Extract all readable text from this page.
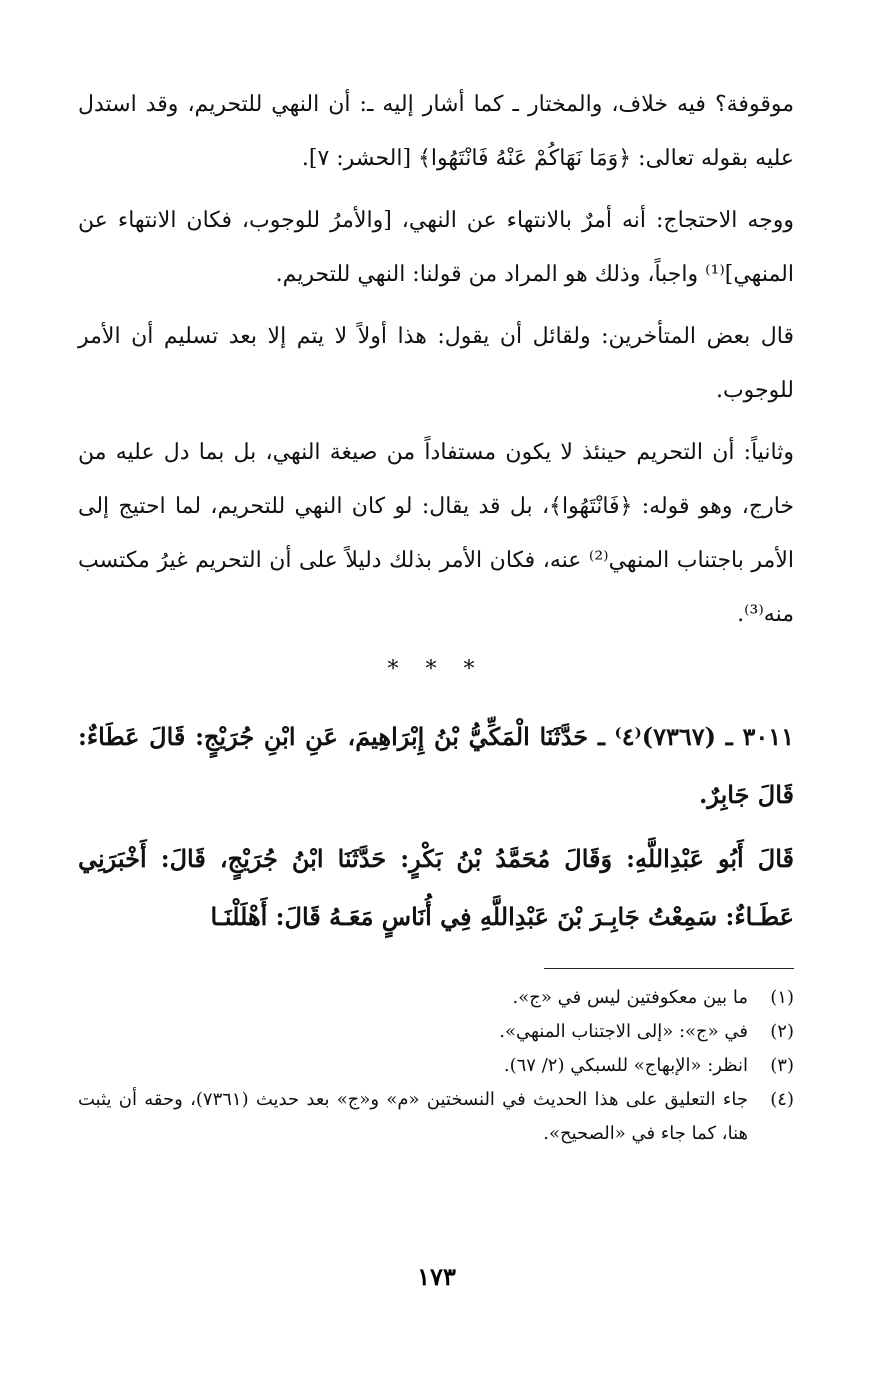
موقوفة؟ فيه خلاف، والمختار ـ كما أشار إليه ـ: أن النهي للتحريم، وقد استدل عليه بقوله تعالى: ﴿وَمَا نَهَاكُمْ عَنْهُ فَانْتَهُوا﴾ [الحشر: ٧].

ووجه الاحتجاج: أنه أمرٌ بالانتهاء عن النهي، [والأمرُ للوجوب، فكان الانتهاء عن المنهي]⁽¹⁾ واجباً، وذلك هو المراد من قولنا: النهي للتحريم.

قال بعض المتأخرين: ولقائل أن يقول: هذا أولاً لا يتم إلا بعد تسليم أن الأمر للوجوب.

وثانياً: أن التحريم حينئذ لا يكون مستفاداً من صيغة النهي، بل بما دل عليه من خارج، وهو قوله: ﴿فَانْتَهُوا﴾، بل قد يقال: لو كان النهي للتحريم، لما احتيج إلى الأمر باجتناب المنهي⁽²⁾ عنه، فكان الأمر بذلك دليلاً على أن التحريم غيرُ مكتسب منه⁽³⁾.

* * *

٣٠١١ ـ (٧٣٦٧)⁽٤⁾ ـ حَدَّثَنَا الْمَكِّيُّ بْنُ إِبْرَاهِيمَ، عَنِ ابْنِ جُرَيْجٍ: قَالَ عَطَاءٌ: قَالَ جَابِرٌ.

قَالَ أَبُو عَبْدِاللَّهِ: وَقَالَ مُحَمَّدُ بْنُ بَكْرٍ: حَدَّثَنَا ابْنُ جُرَيْجٍ، قَالَ: أَخْبَرَنِي عَطَـاءٌ: سَمِعْتُ جَابِـرَ بْنَ عَبْدِاللَّهِ فِي أُنَاسٍ مَعَـهُ قَالَ: أَهْلَلْنَـا

(١)
ما بين معكوفتين ليس في «ج».
(٢)
في «ج»: «إلى الاجتناب المنهي».
(٣)
انظر: «الإبهاج» للسبكي (٢/ ٦٧).
(٤)
جاء التعليق على هذا الحديث في النسختين «م» و«ج» بعد حديث (٧٣٦١)، وحقه أن يثبت هنا، كما جاء في «الصحيح».
١٧٣
